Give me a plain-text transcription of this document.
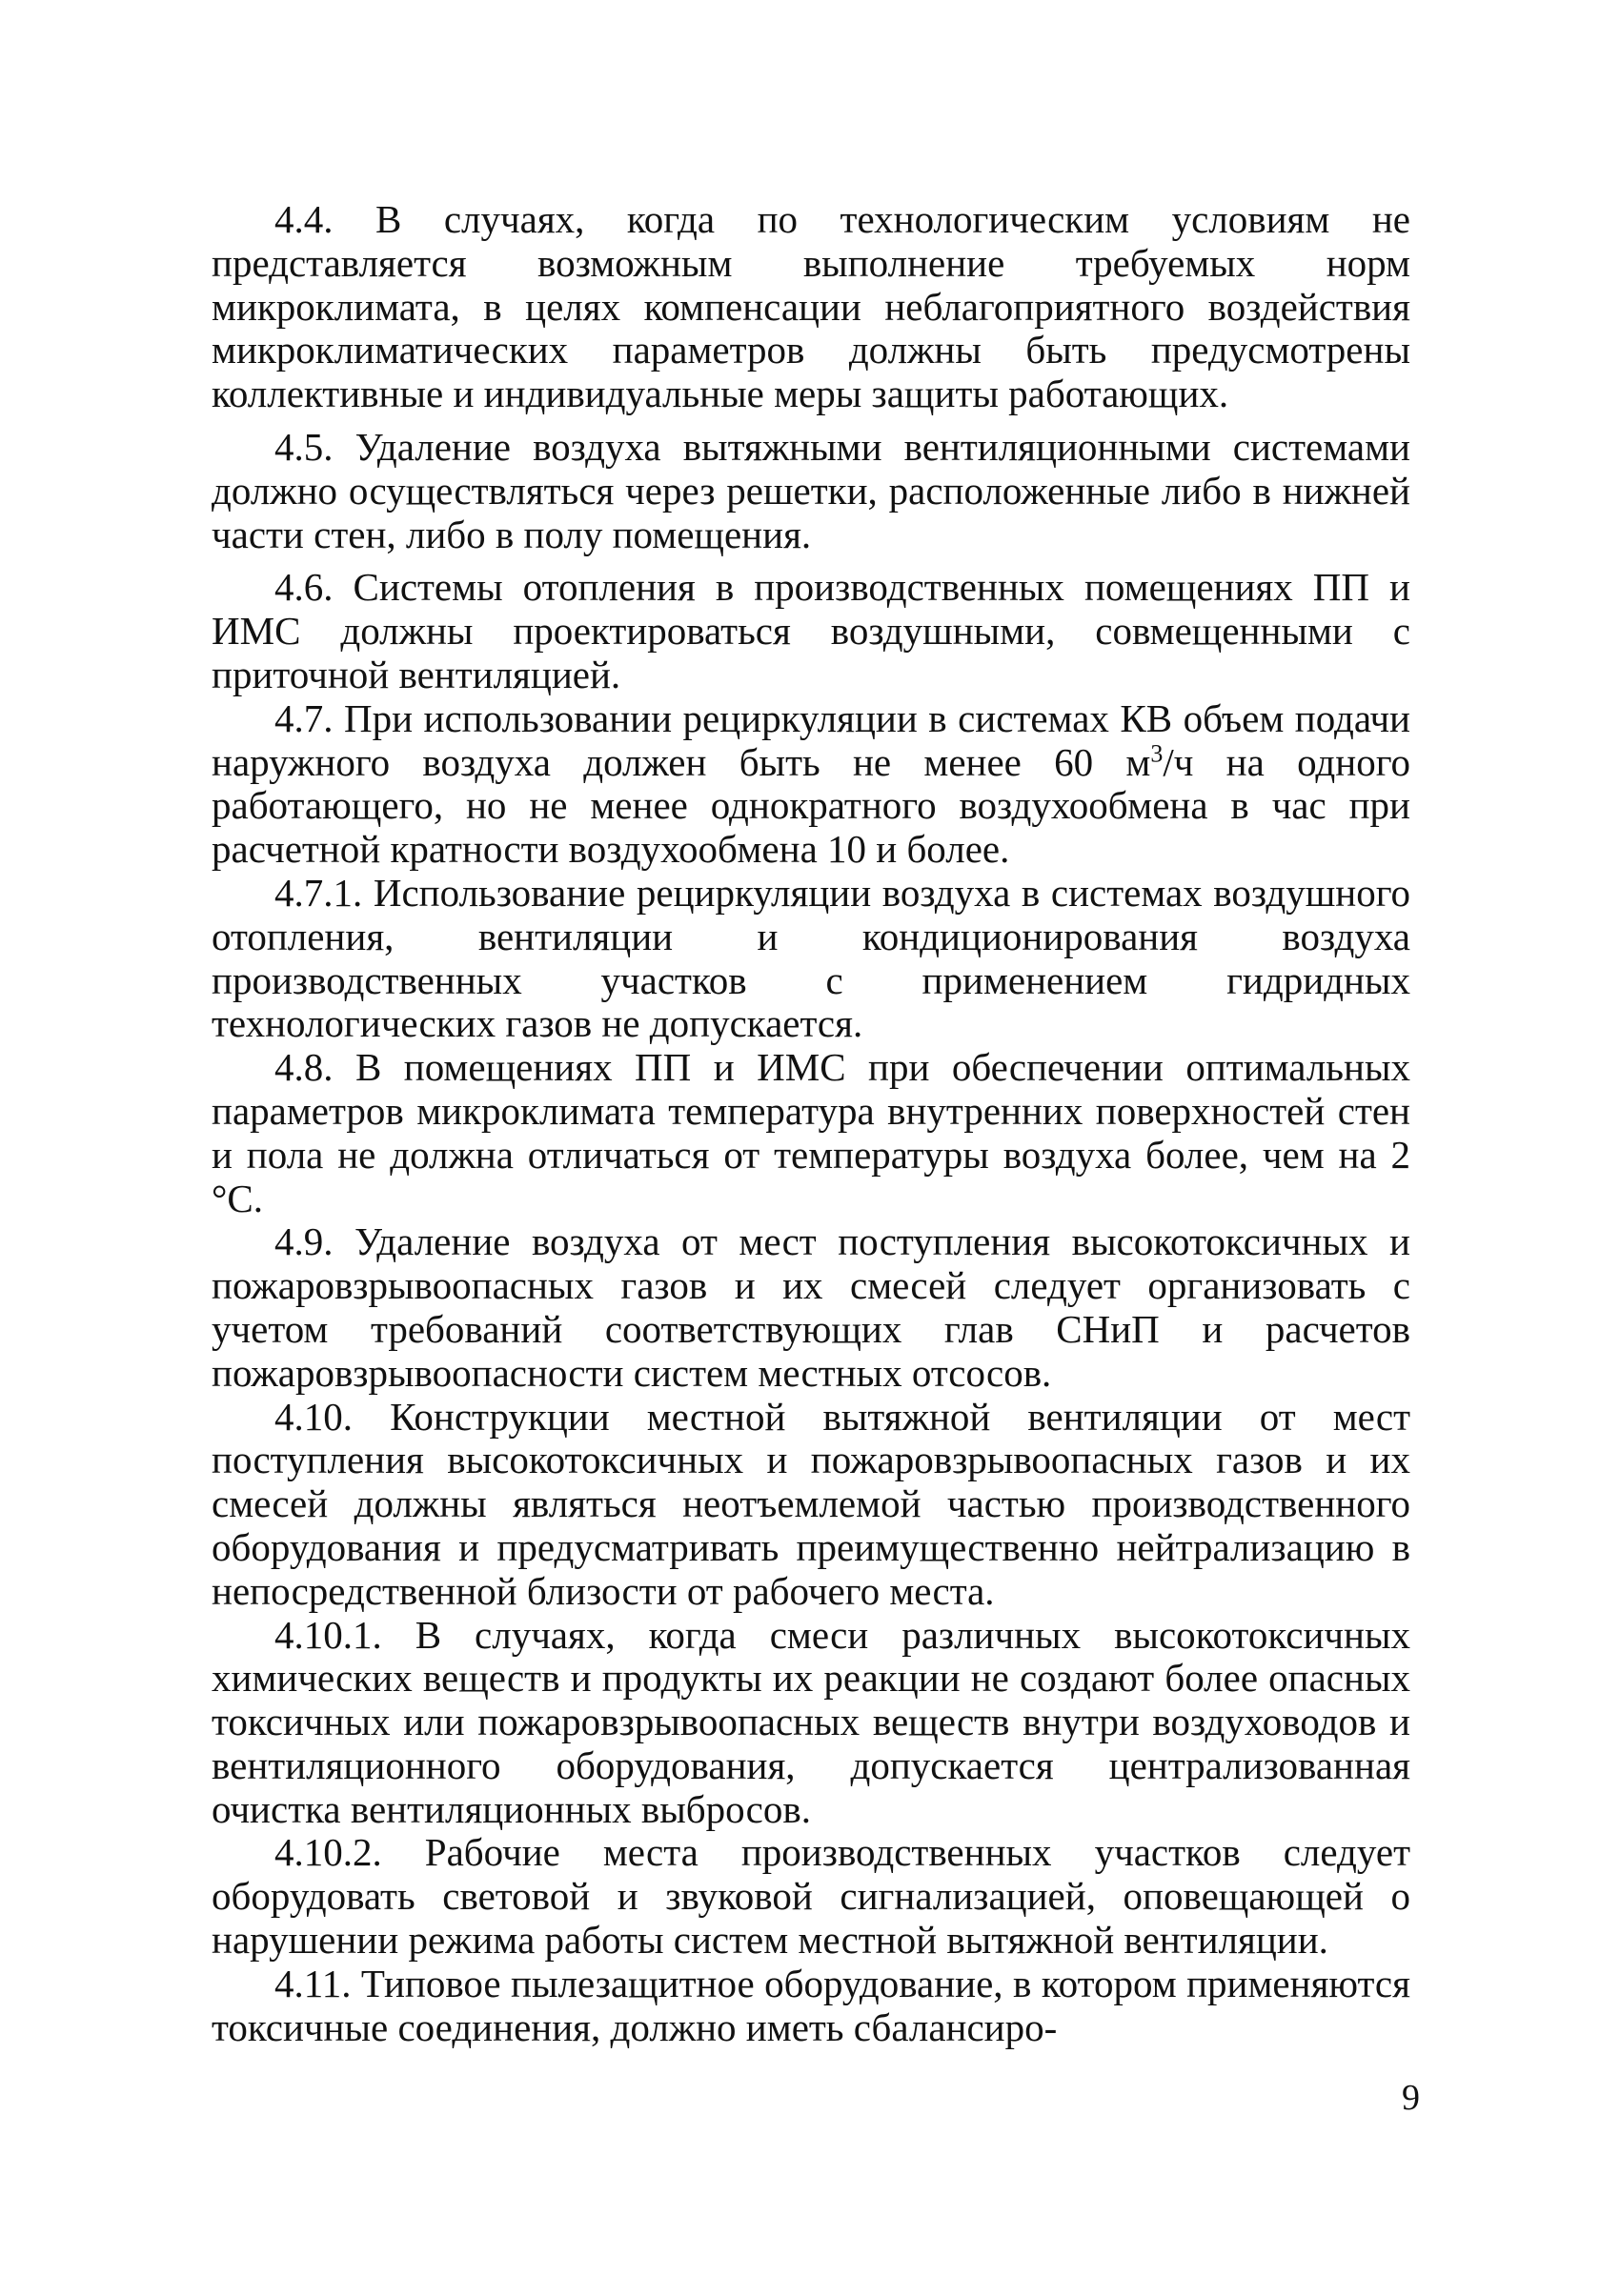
4.4. В случаях, когда по технологическим условиям не представляется возможным выполнение требуемых норм микроклимата, в целях компенсации неблагоприятного воздействия микроклиматических параметров должны быть предусмотрены коллективные и индивидуальные меры защиты работающих.

4.5. Удаление воздуха вытяжными вентиляционными системами должно осуществляться через решетки, расположенные либо в нижней части стен, либо в полу помещения.

4.6. Системы отопления в производственных помещениях ПП и ИМС должны проектироваться воздушными, совмещенными с приточной вентиляцией.

4.7. При использовании рециркуляции в системах КВ объем подачи наружного воздуха должен быть не менее 60 $м^3/ч$ на одного работающего, но не менее однократного воздухообмена в час при расчетной кратности воздухообмена 10 и более.

4.7.1. Использование рециркуляции воздуха в системах воздушного отопления, вентиляции и кондиционирования воздуха производственных участков с применением гидридных технологических газов не допускается.

4.8. В помещениях ПП и ИМС при обеспечении оптимальных параметров микроклимата температура внутренних поверхностей стен и пола не должна отличаться от температуры воздуха более, чем на 2 °С.

4.9. Удаление воздуха от мест поступления высокотоксичных и пожаровзрывоопасных газов и их смесей следует организовать с учетом требований соответствующих глав СНиП и расчетов пожаровзрывоопасности систем местных отсосов.

4.10. Конструкции местной вытяжной вентиляции от мест поступления высокотоксичных и пожаровзрывоопасных газов и их смесей должны являться неотъемлемой частью производственного оборудования и предусматривать преимущественно нейтрализацию в непосредственной близости от рабочего места.

4.10.1. В случаях, когда смеси различных высокотоксичных химических веществ и продукты их реакции не создают более опасных токсичных или пожаровзрывоопасных веществ внутри воздуховодов и вентиляционного оборудования, допускается централизованная очистка вентиляционных выбросов.

4.10.2. Рабочие места производственных участков следует оборудовать световой и звуковой сигнализацией, оповещающей о нарушении режима работы систем местной вытяжной вентиляции.

4.11. Типовое пылезащитное оборудование, в котором применяются токсичные соединения, должно иметь сбалансиро-

9
